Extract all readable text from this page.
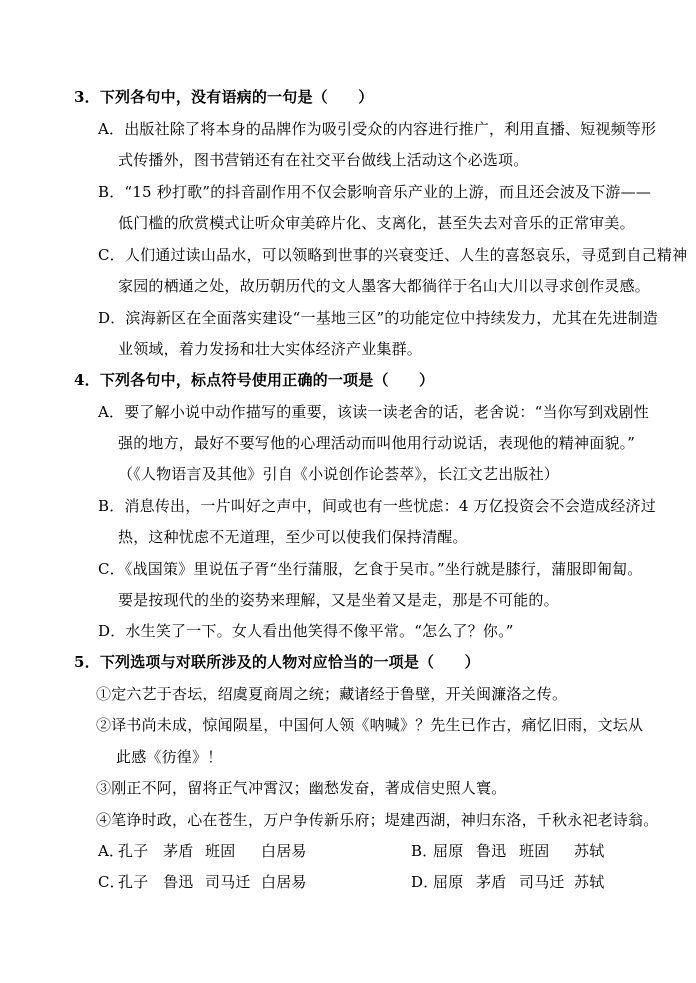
3．下列各句中，没有语病的一句是（　　）
A．出版社除了将本身的品牌作为吸引受众的内容进行推广，利用直播、短视频等形
式传播外，图书营销还有在社交平台做线上活动这个必选项。
B．“15 秒打歌”的抖音副作用不仅会影响音乐产业的上游，而且还会波及下游——
低门槛的欣赏模式让听众审美碎片化、支离化，甚至失去对音乐的正常审美。
C．人们通过读山品水，可以领略到世事的兴衰变迁、人生的喜怒哀乐，寻觅到自己精神
家园的栖通之处，故历朝历代的文人墨客大都徜徉于名山大川以寻求创作灵感。
D．滨海新区在全面落实建设“一基地三区”的功能定位中持续发力，尤其在先进制造
业领域，着力发扬和壮大实体经济产业集群。
4．下列各句中，标点符号使用正确的一项是（　　）
A．要了解小说中动作描写的重要，该读一读老舍的话，老舍说：“当你写到戏剧性
强的地方，最好不要写他的心理活动而叫他用行动说话，表现他的精神面貌。”
（《人物语言及其他》引自《小说创作论荟萃》，长江文艺出版社）
B．消息传出，一片叫好之声中，间或也有一些忧虑：4 万亿投资会不会造成经济过
热，这种忧虑不无道理，至少可以使我们保持清醒。
C．《战国策》里说伍子胥“坐行蒲服，乞食于吴市。”坐行就是膝行，蒲服即匍匐。
要是按现代的坐的姿势来理解，又是坐着又是走，那是不可能的。
D．水生笑了一下。女人看出他笑得不像平常。“怎么了？你。”
5．下列选项与对联所涉及的人物对应恰当的一项是（　　）
①定六艺于杏坛，绍虞夏商周之统；藏诸经于鲁壁，开关闽濂洛之传。
②译书尚未成，惊闻陨星，中国何人领《呐喊》？先生已作古，痛忆旧雨，文坛从
此感《彷徨》！
③刚正不阿，留将正气冲霄汉；幽愁发奋，著成信史照人寰。
④笔诤时政，心在苍生，万户争传新乐府；堤建西湖，神归东洛，千秋永祀老诗翁。
A．
孔子 茅盾 班固 白居易	B．
屈原 鲁迅 班固 苏轼
C．
孔子 鲁迅 司马迁 白居易	D．
屈原 茅盾 司马迁 苏轼
